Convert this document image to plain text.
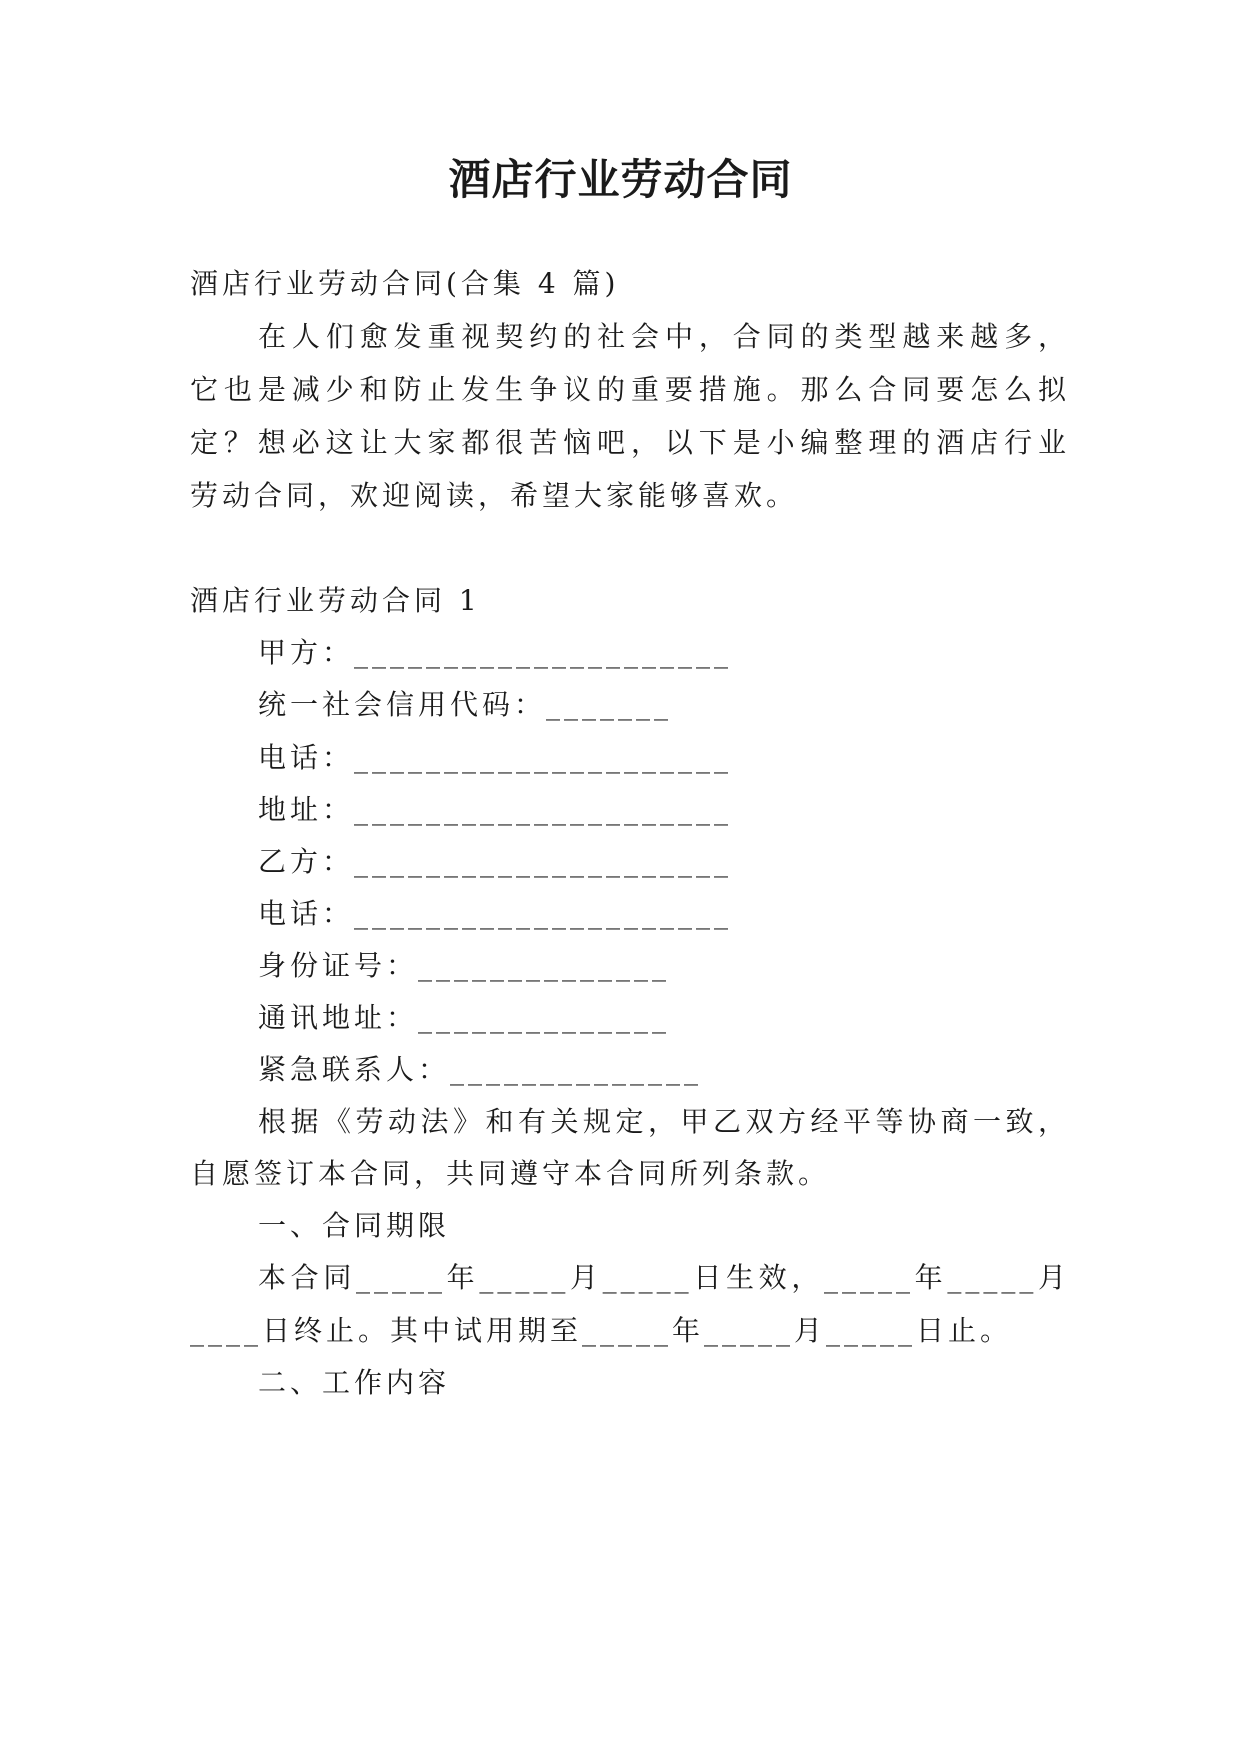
酒店行业劳动合同
酒店行业劳动合同(合集 4 篇)
在人们愈发重视契约的社会中，合同的类型越来越多，
它也是减少和防止发生争议的重要措施。那么合同要怎么拟
定？想必这让大家都很苦恼吧，以下是小编整理的酒店行业
劳动合同，欢迎阅读，希望大家能够喜欢。
酒店行业劳动合同 1
甲方：_____________________
统一社会信用代码：_______
电话：_____________________
地址：_____________________
乙方：_____________________
电话：_____________________
身份证号：______________
通讯地址：______________
紧急联系人：______________
根据《劳动法》和有关规定，甲乙双方经平等协商一致，
自愿签订本合同，共同遵守本合同所列条款。
一、合同期限
本合同_____年_____月_____日生效，_____年_____月
____日终止。其中试用期至_____年_____月_____日止。
二、工作内容
